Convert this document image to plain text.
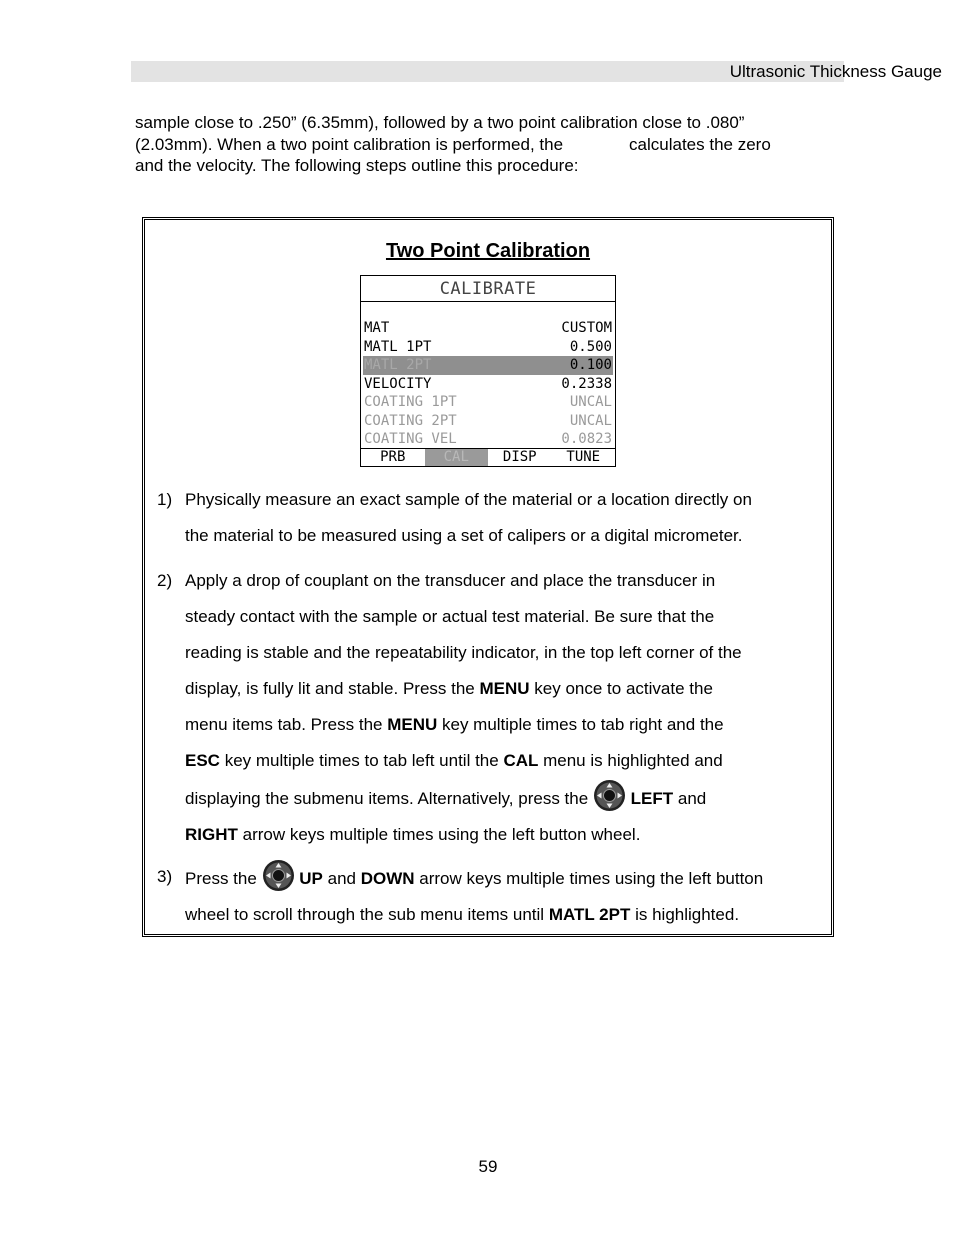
Ultrasonic Thickness Gauge
sample close to .250” (6.35mm), followed by a two point calibration close to .080”
(2.03mm). When a two point calibration is performed, the	calculates the zero
and the velocity. The following steps outline this procedure:
Two Point Calibration
CALIBRATE
MAT	CUSTOM
MATL 1PT	0.500
MATL 2PT	0.100
VELOCITY	0.2338
COATING 1PT	UNCAL
COATING 2PT	UNCAL
COATING VEL	0.0823
PRB	CAL	DISP	TUNE
1) Physically measure an exact sample of the material or a location directly on
the material to be measured using a set of calipers or a digital micrometer.
2) Apply a drop of couplant on the transducer and place the transducer in
steady contact with the sample or actual test material. Be sure that the
reading is stable and the repeatability indicator, in the top left corner of the
display, is fully lit and stable. Press the MENU key once to activate the
menu items tab. Press the MENU key multiple times to tab right and the
ESC key multiple times to tab left until the CAL menu is highlighted and
displaying the submenu items. Alternatively, press the  LEFT and
RIGHT arrow keys multiple times using the left button wheel.
3) Press the  UP and DOWN arrow keys multiple times using the left button
wheel to scroll through the sub menu items until MATL 2PT is highlighted.
59
